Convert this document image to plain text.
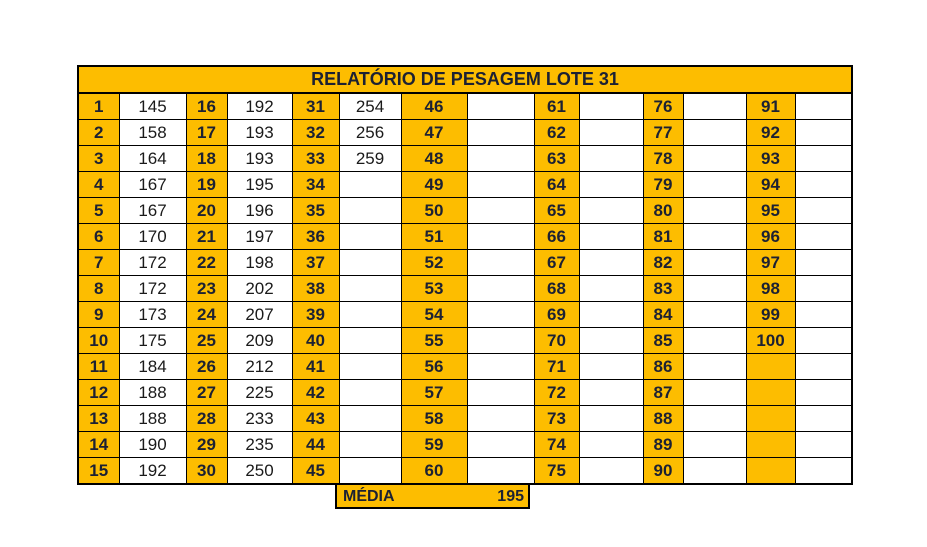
RELATÓRIO DE PESAGEM LOTE 31													
1	145	16	192	31	254	46		61		76		91	
2	158	17	193	32	256	47		62		77		92	
3	164	18	193	33	259	48		63		78		93	
4	167	19	195	34		49		64		79		94	
5	167	20	196	35		50		65		80		95	
6	170	21	197	36		51		66		81		96	
7	172	22	198	37		52		67		82		97	
8	172	23	202	38		53		68		83		98	
9	173	24	207	39		54		69		84		99	
10	175	25	209	40		55		70		85		100	
11	184	26	212	41		56		71		86			
12	188	27	225	42		57		72		87			
13	188	28	233	43		58		73		88			
14	190	29	235	44		59		74		89			
15	192	30	250	45		60		75		90			
MÉDIA	195
